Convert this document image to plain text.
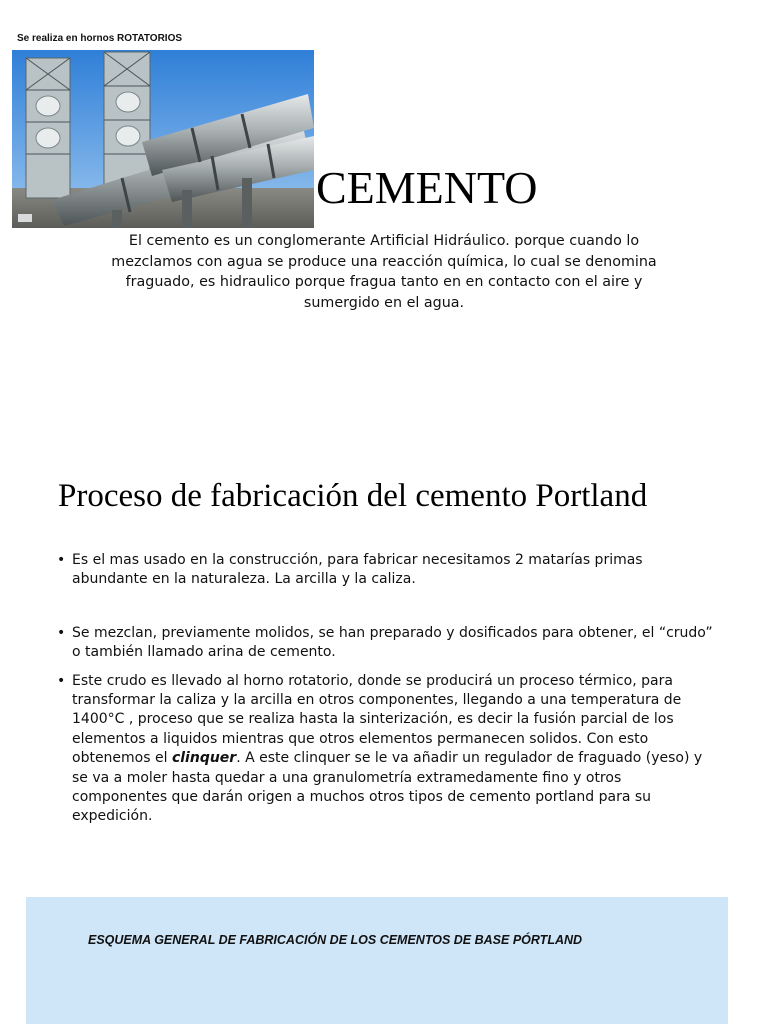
Se realiza en hornos ROTATORIOS
CEMENTO
El cemento es un conglomerante Artificial Hidráulico. porque cuando lo mezclamos con agua se produce una reacción química, lo cual se denomina fraguado, es hidraulico porque fragua tanto en en contacto con el aire y sumergido en el agua.
Proceso de fabricación del cemento Portland
• Es el mas usado en la construcción, para fabricar necesitamos 2 matarías primas abundante en la naturaleza. La arcilla y la caliza.
• Se mezclan, previamente molidos, se han preparado y dosificados para obtener, el “crudo” o también llamado arina de cemento.
• Este crudo es llevado al horno rotatorio, donde se producirá un proceso térmico, para transformar la caliza y la arcilla en otros componentes, llegando a una temperatura de 1400°C , proceso que se realiza hasta la sinterización, es decir la fusión parcial de los elementos a liquidos mientras que otros elementos permanecen solidos. Con esto obtenemos el clinquer. A este clinquer se le va añadir un regulador de fraguado (yeso) y se va a moler hasta quedar a una granulometría extramedamente fino y otros componentes que darán origen a muchos otros tipos de cemento portland para su expedición.
ESQUEMA GENERAL DE FABRICACIÓN DE LOS CEMENTOS DE BASE PÓRTLAND
